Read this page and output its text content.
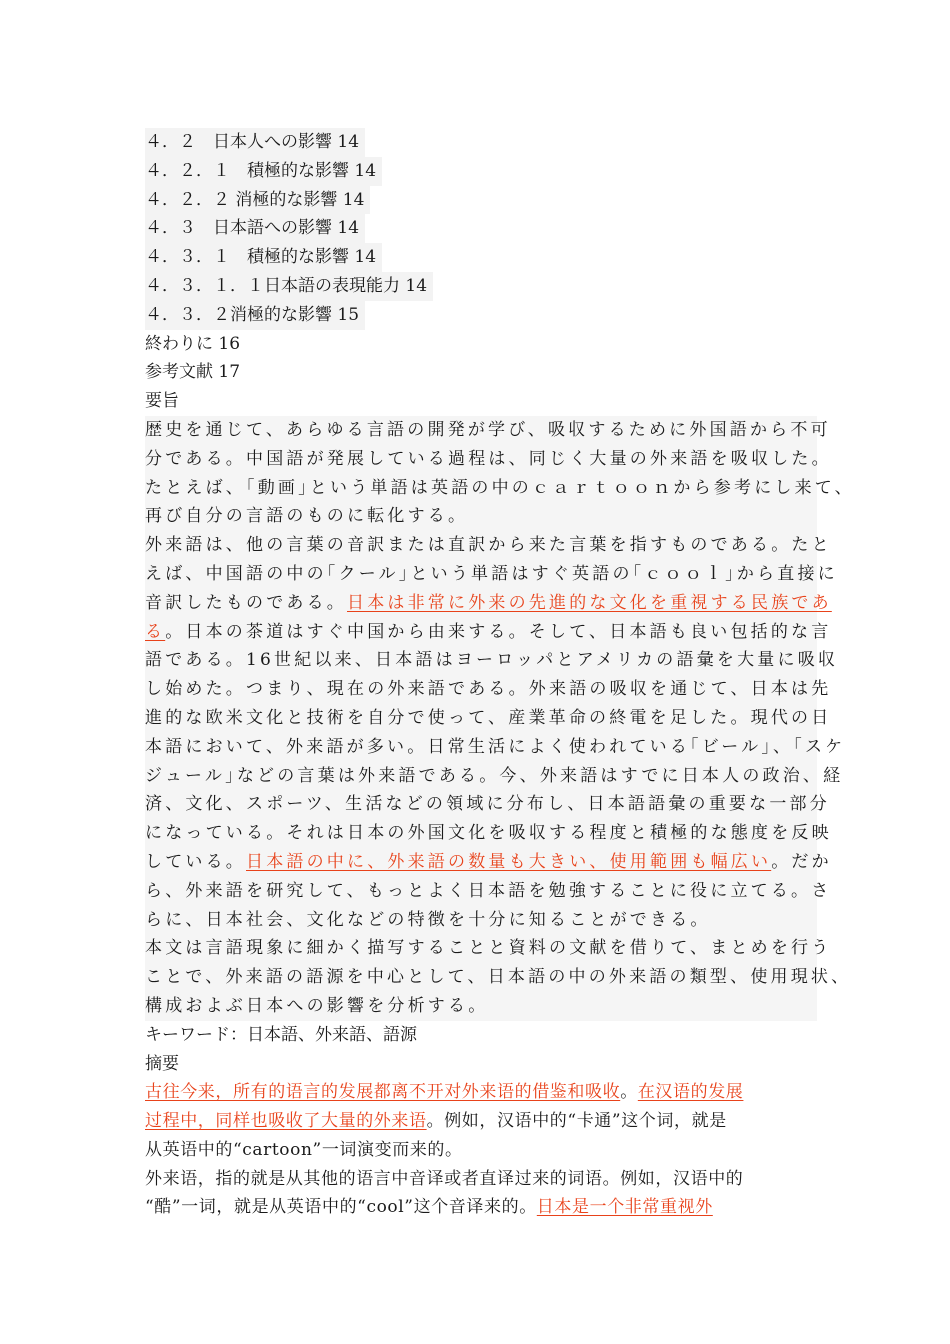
４．２　日本人への影響 14
４．２．１　積極的な影響 14
４．２．２ 消極的な影響 14
４．３　日本語への影響 14
４．３．１　積極的な影響 14
４．３．１．１日本語の表現能力 14
４．３．２消極的な影響 15
終わりに 16
参考文献 17
要旨
歴史を通じて、あらゆる言語の開発が学び、吸収するために外国語から不可
分である。中国語が発展している過程は、同じく大量の外来語を吸収した。
たとえば、｢動画｣という単語は英語の中のｃａｒｔｏｏｎから参考にし来て、
再び自分の言語のものに転化する。
外来語は、他の言葉の音訳または直訳から来た言葉を指すものである。たと
えば、中国語の中の｢クール｣という単語はすぐ英語の｢ｃｏｏｌ｣から直接に
音訳したものである。日本は非常に外来の先進的な文化を重視する民族であ
る。日本の茶道はすぐ中国から由来する。そして、日本語も良い包括的な言
語である。16世紀以来、日本語はヨーロッパとアメリカの語彙を大量に吸収
し始めた。つまり、現在の外来語である。外来語の吸収を通じて、日本は先
進的な欧米文化と技術を自分で使って、産業革命の終電を足した。現代の日
本語において、外来語が多い。日常生活によく使われている｢ビール｣、｢スケ
ジュール｣などの言葉は外来語である。今、外来語はすでに日本人の政治、経
済、文化、スポーツ、生活などの領域に分布し、日本語語彙の重要な一部分
になっている。それは日本の外国文化を吸収する程度と積極的な態度を反映
している。日本語の中に、外来語の数量も大きい、使用範囲も幅広い。だか
ら、外来語を研究して、もっとよく日本語を勉強することに役に立てる。さ
らに、日本社会、文化などの特徴を十分に知ることができる。
本文は言語現象に細かく描写することと資料の文献を借りて、まとめを行う
ことで、外来語の語源を中心として、日本語の中の外来語の類型、使用現状、
構成およぶ日本への影響を分析する。
キーワード：日本語、外来語、語源
摘要
古往今来，所有的语言的发展都离不开对外来语的借鉴和吸收。在汉语的发展
过程中，同样也吸收了大量的外来语。例如，汉语中的“卡通”这个词，就是
从英语中的“cartoon”一词演变而来的。
外来语，指的就是从其他的语言中音译或者直译过来的词语。例如，汉语中的
“酷”一词，就是从英语中的“cool”这个音译来的。日本是一个非常重视外
